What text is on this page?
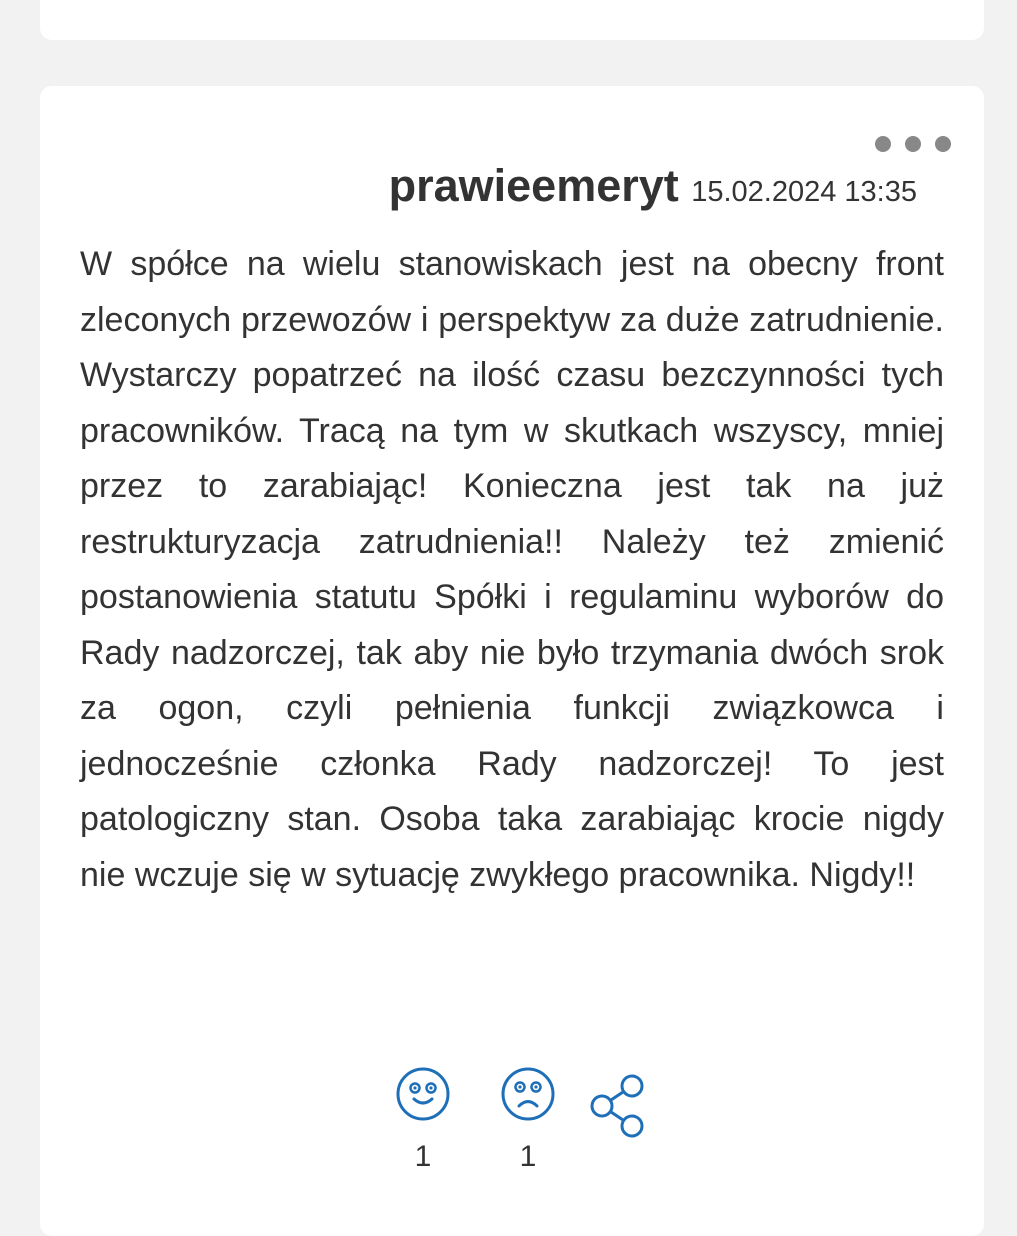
prawieemeryt 15.02.2024 13:35

W spółce na wielu stanowiskach jest na obecny front zleconych przewozów i perspektyw za duże zatrudnienie. Wystarczy popatrzeć na ilość czasu bezczynności tych pracowników. Tracą na tym w skutkach wszyscy, mniej przez to zarabiając! Konieczna jest tak na już restrukturyzacja zatrudnienia!! Należy też zmienić postanowienia statutu Spółki i regulaminu wyborów do Rady nadzorczej, tak aby nie było trzymania dwóch srok za ogon, czyli pełnienia funkcji związkowca i jednocześnie członka Rady nadzorczej! To jest patologiczny stan. Osoba taka zarabiając krocie nigdy nie wczuje się w sytuację zwykłego pracownika. Nigdy!!

1	1
